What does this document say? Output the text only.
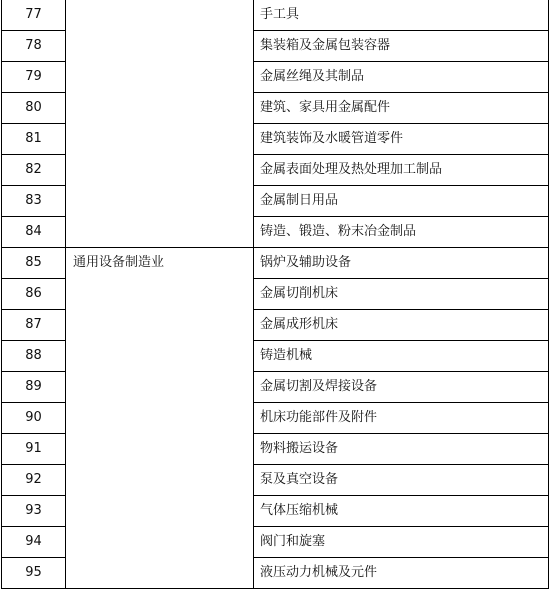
77		手工具
78		集装箱及金属包装容器
79		金属丝绳及其制品
80		建筑、家具用金属配件
81		建筑装饰及水暖管道零件
82		金属表面处理及热处理加工制品
83		金属制日用品
84		铸造、锻造、粉末冶金制品
85	通用设备制造业	锅炉及辅助设备
86		金属切削机床
87		金属成形机床
88		铸造机械
89		金属切割及焊接设备
90		机床功能部件及附件
91		物料搬运设备
92		泵及真空设备
93		气体压缩机械
94		阀门和旋塞
95		液压动力机械及元件
